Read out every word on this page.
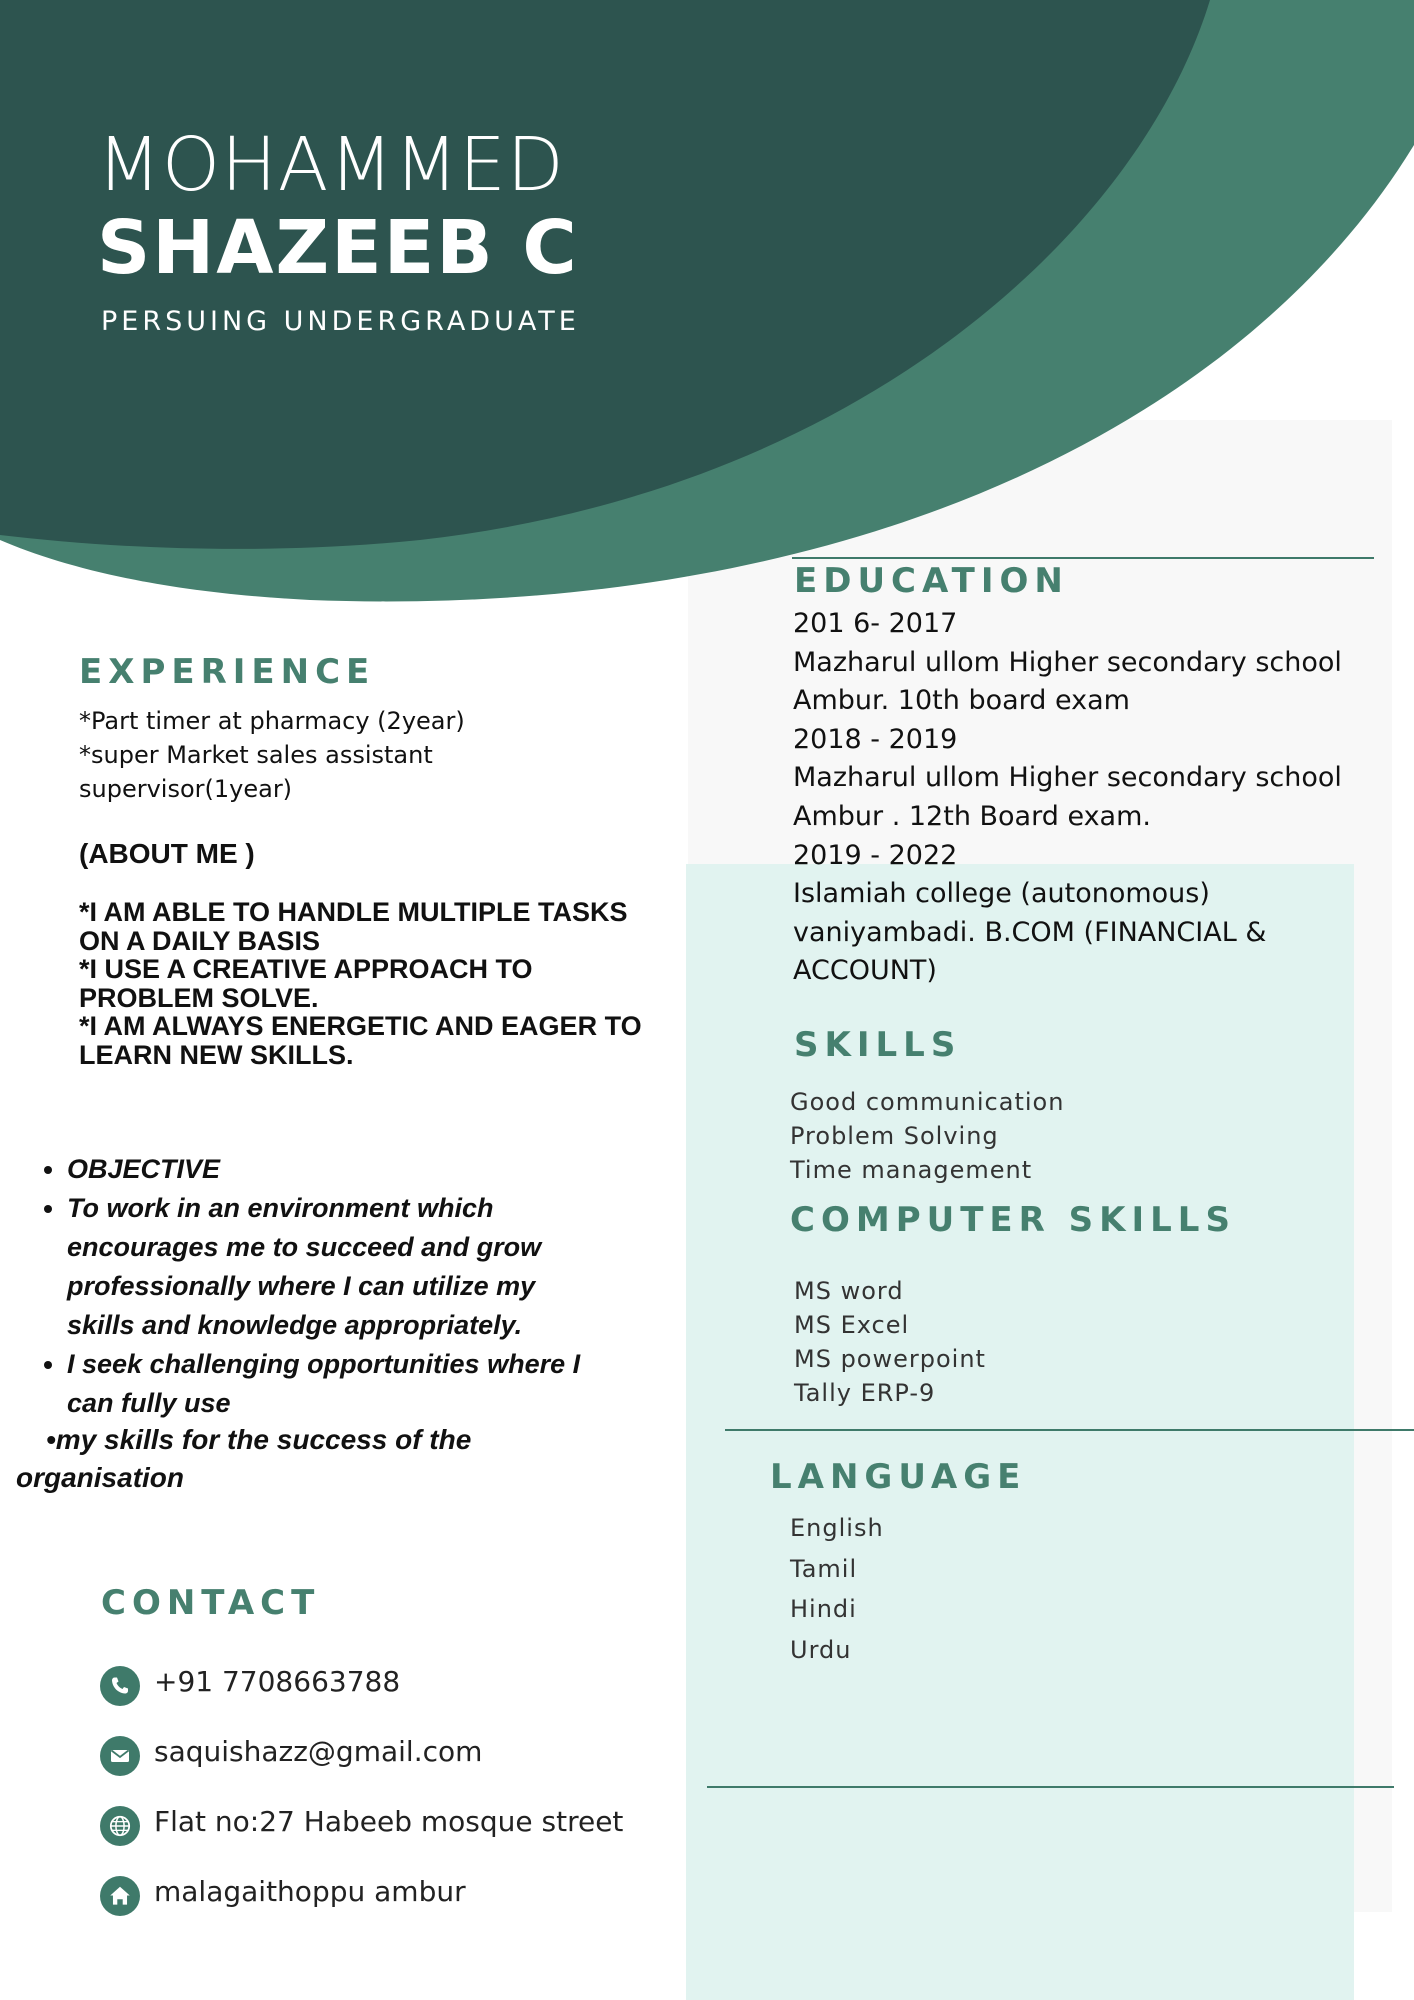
MOHAMMED
SHAZEEB C
PERSUING UNDERGRADUATE
EXPERIENCE
*Part timer at pharmacy (2year)
*super Market sales assistant
supervisor(1year)
(ABOUT ME )
*I AM ABLE TO HANDLE MULTIPLE TASKS
ON A DAILY BASIS
*I USE A CREATIVE APPROACH TO
PROBLEM SOLVE.
*I AM ALWAYS ENERGETIC AND EAGER TO
LEARN NEW SKILLS.
• OBJECTIVE
• To work in an environment which encourages me to succeed and grow professionally where I can utilize my skills and knowledge appropriately.
• I seek challenging opportunities where I can fully use
•my skills for the success of the
organisation
CONTACT
+91 7708663788
saquishazz@gmail.com
Flat no:27 Habeeb mosque street
malagaithoppu ambur
EDUCATION
201 6- 2017
Mazharul ullom Higher secondary school
Ambur. 10th board exam
2018 - 2019
Mazharul ullom Higher secondary school
Ambur . 12th Board exam.
2019 - 2022
Islamiah college (autonomous)
vaniyambadi. B.COM (FINANCIAL &
ACCOUNT)
SKILLS
Good communication
Problem Solving
Time management
COMPUTER SKILLS
MS word
MS Excel
MS powerpoint
Tally ERP-9
LANGUAGE
English
Tamil
Hindi
Urdu
